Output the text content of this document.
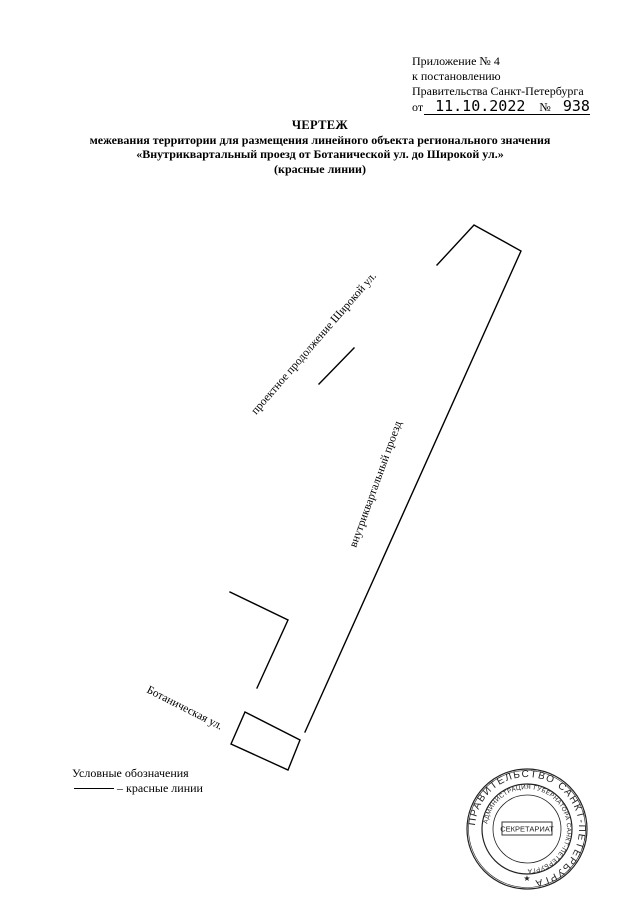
Приложение № 4
к постановлению
Правительства Санкт-Петербурга
от 11.10.2022 № 938
ЧЕРТЕЖ
межевания территории для размещения линейного объекта регионального значения
«Внутриквартальный проезд от Ботанической ул. до Широкой ул.»
(красные линии)
проектное продолжение Широкой ул.
внутриквартальный проезд
Ботаническая ул.
Условные обозначения
– красные линии
ПРАВИТЕЛЬСТВО САНКТ-ПЕТЕРБУРГА
АДМИНИСТРАЦИЯ ГУБЕРНАТОРА САНКТ-ПЕТЕРБУРГА
СЕКРЕТАРИАТ
★
